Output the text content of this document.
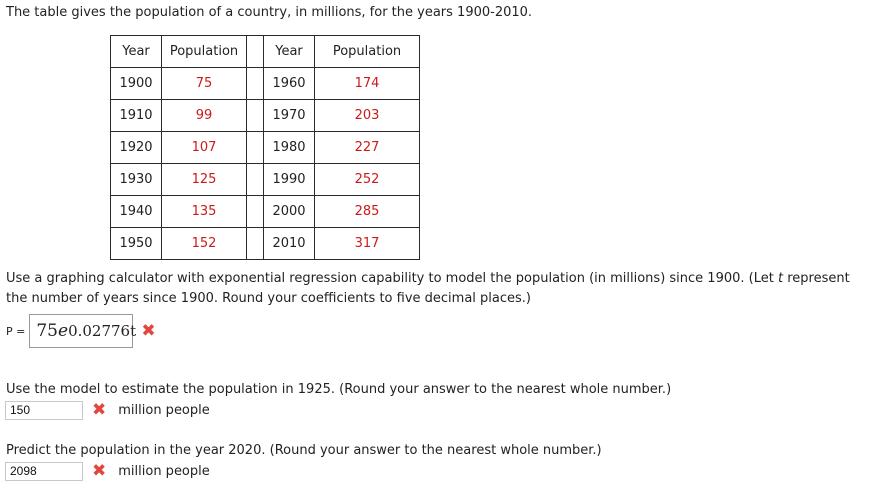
The table gives the population of a country, in millions, for the years 1900-2010.
Year	Population		Year	Population
1900	75		1960	174
1910	99		1970	203
1920	107		1980	227
1930	125		1990	252
1940	135		2000	285
1950	152		2010	317
Use a graphing calculator with exponential regression capability to model the population (in millions) since 1900. (Let t represent
the number of years since 1900. Round your coefficients to five decimal places.)
P = 75 e 0.02776t ✖
Use the model to estimate the population in 1925. (Round your answer to the nearest whole number.)
150	✖ million people
Predict the population in the year 2020. (Round your answer to the nearest whole number.)
2098	✖ million people
